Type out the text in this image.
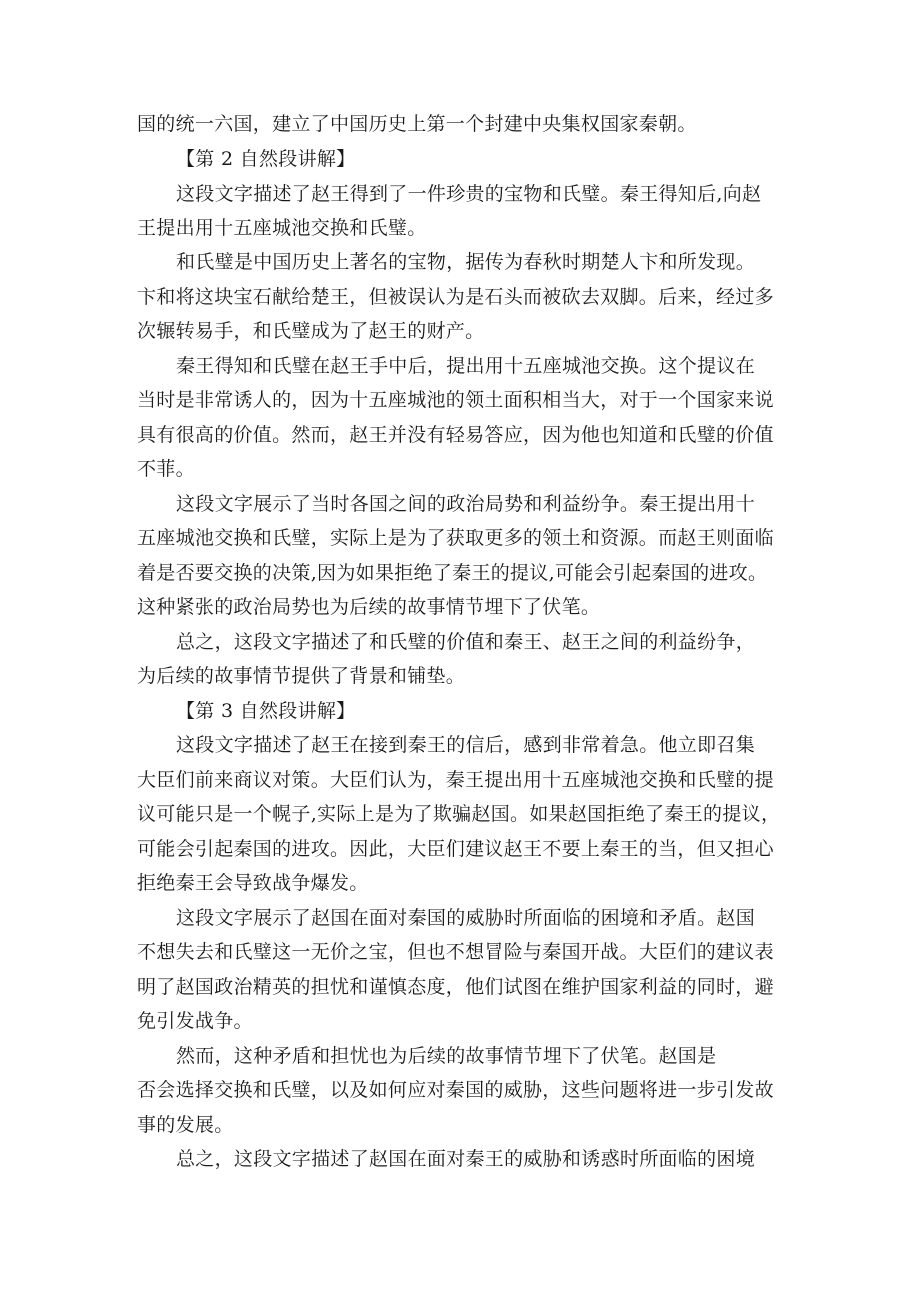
国的统一六国，建立了中国历史上第一个封建中央集权国家秦朝。
【第 2 自然段讲解】
这段文字描述了赵王得到了一件珍贵的宝物和氏璧。秦王得知后,向赵
王提出用十五座城池交换和氏璧。
和氏璧是中国历史上著名的宝物，据传为春秋时期楚人卞和所发现。
卞和将这块宝石献给楚王，但被误认为是石头而被砍去双脚。后来，经过多
次辗转易手，和氏璧成为了赵王的财产。
秦王得知和氏璧在赵王手中后，提出用十五座城池交换。这个提议在
当时是非常诱人的，因为十五座城池的领土面积相当大，对于一个国家来说
具有很高的价值。然而，赵王并没有轻易答应，因为他也知道和氏璧的价值
不菲。
这段文字展示了当时各国之间的政治局势和利益纷争。秦王提出用十
五座城池交换和氏璧，实际上是为了获取更多的领土和资源。而赵王则面临
着是否要交换的决策,因为如果拒绝了秦王的提议,可能会引起秦国的进攻。
这种紧张的政治局势也为后续的故事情节埋下了伏笔。
总之，这段文字描述了和氏璧的价值和秦王、赵王之间的利益纷争，
为后续的故事情节提供了背景和铺垫。
【第 3 自然段讲解】
这段文字描述了赵王在接到秦王的信后，感到非常着急。他立即召集
大臣们前来商议对策。大臣们认为，秦王提出用十五座城池交换和氏璧的提
议可能只是一个幌子,实际上是为了欺骗赵国。如果赵国拒绝了秦王的提议，
可能会引起秦国的进攻。因此，大臣们建议赵王不要上秦王的当，但又担心
拒绝秦王会导致战争爆发。
这段文字展示了赵国在面对秦国的威胁时所面临的困境和矛盾。赵国
不想失去和氏璧这一无价之宝，但也不想冒险与秦国开战。大臣们的建议表
明了赵国政治精英的担忧和谨慎态度，他们试图在维护国家利益的同时，避
免引发战争。
然而，这种矛盾和担忧也为后续的故事情节埋下了伏笔。赵国是
否会选择交换和氏璧，以及如何应对秦国的威胁，这些问题将进一步引发故
事的发展。
总之，这段文字描述了赵国在面对秦王的威胁和诱惑时所面临的困境
